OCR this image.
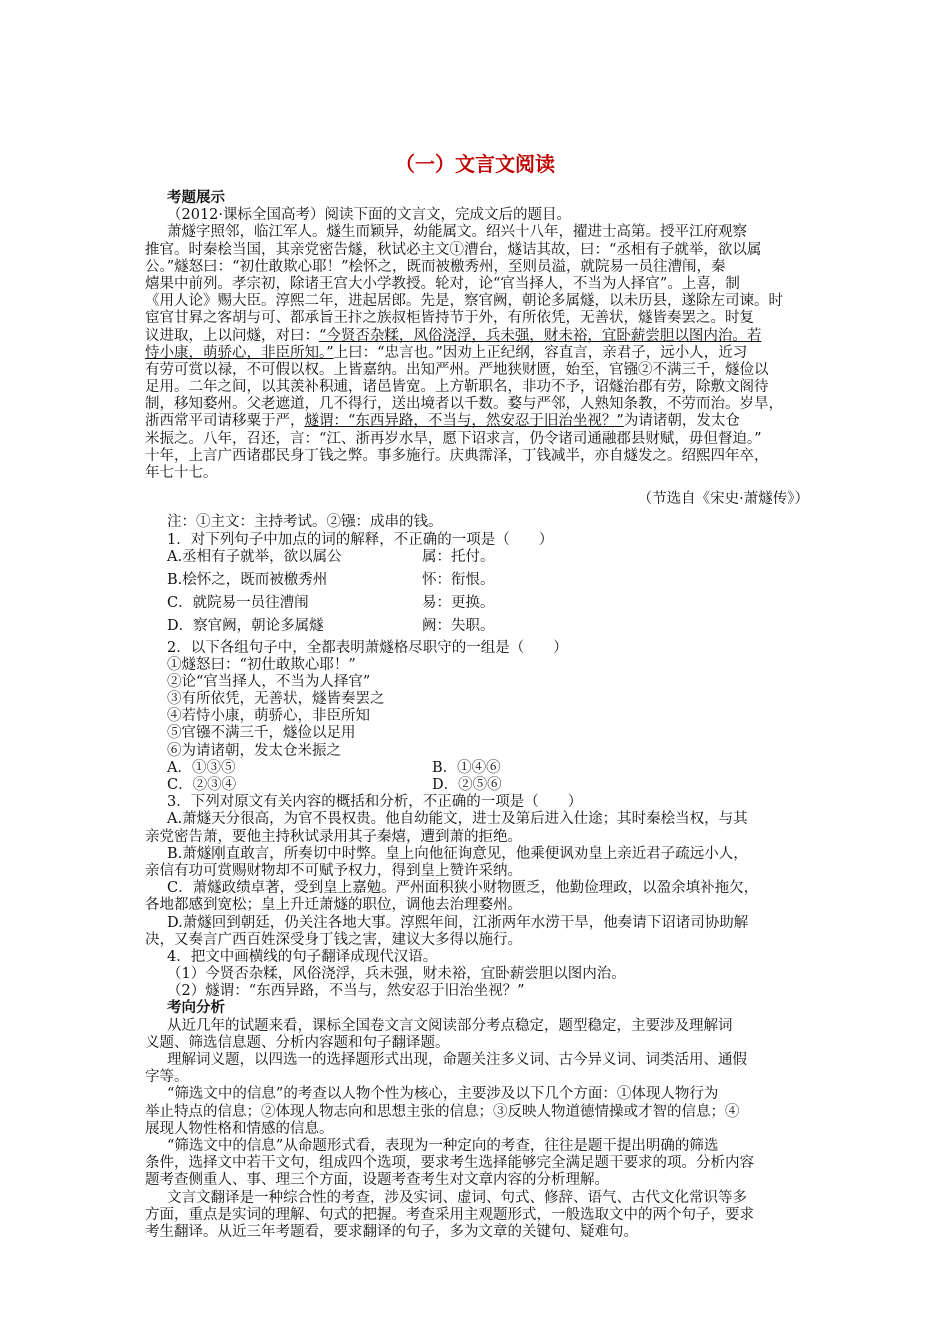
（一）文言文阅读
考题展示
（2012·课标全国高考）阅读下面的文言文，完成文后的题目。
萧燧字照邻，临江军人。燧生而颖异，幼能属文。绍兴十八年，擢进士高第。授平江府观察
推官。时秦桧当国，其亲党密告燧，秋试必主文①漕台，燧诘其故，曰：“丞相有子就举，欲以属
公。”燧怒曰：“初仕敢欺心耶！”桧怀之，既而被檄秀州，至则员溢，就院易一员往漕闱，秦
熺果中前列。孝宗初，除诸王宫大小学教授。轮对，论“官当择人，不当为人择官”。上喜，制
《用人论》赐大臣。淳熙二年，进起居郎。先是，察官阙，朝论多属燧，以未历县，遂除左司谏。时
宦官甘昪之客胡与可、都承旨王抃之族叔柜皆持节于外，有所依凭，无善状，燧皆奏罢之。时复
议进取，上以问燧，对曰：“今贤否杂糅，风俗浇浮，兵未强，财未裕，宜卧薪尝胆以图内治。若
恃小康，萌骄心，非臣所知。”上曰：“忠言也。”因劝上正纪纲，容直言，亲君子，远小人，近习
有劳可赏以禄，不可假以权。上皆嘉纳。出知严州。严地狭财匮，始至，官镪②不满三千，燧俭以
足用。二年之间，以其羡补积逋，诸邑皆宽。上方靳职名，非功不予，诏燧治郡有劳，除敷文阁待
制，移知婺州。父老遮道，几不得行，送出境者以千数。婺与严邻，人熟知条教，不劳而治。岁旱，
浙西常平司请移粟于严，燧谓：“东西异路，不当与，然安忍于旧治坐视？”为请诸朝，发太仓
米振之。八年，召还，言：“江、浙再岁水旱，愿下诏求言，仍令诸司通融郡县财赋，毋但督迫。”
十年，上言广西诸郡民身丁钱之弊。事多施行。庆典霈泽，丁钱减半，亦自燧发之。绍熙四年卒，
年七十七。
（节选自《宋史·萧燧传》）
注：①主文：主持考试。②镪：成串的钱。
1．对下列句子中加点的词的解释，不正确的一项是（　　）
A.丞相有子就举，欲以属公	属：托付。
B.桧怀之，既而被檄秀州	怀：衔恨。
C．就院易一员往漕闱	易：更换。
D．察官阙，朝论多属燧	阙：失职。
2．以下各组句子中，全都表明萧燧格尽职守的一组是（　　）
①燧怒曰：“初仕敢欺心耶！”
②论“官当择人，不当为人择官”
③有所依凭，无善状，燧皆奏罢之
④若恃小康，萌骄心，非臣所知
⑤官镪不满三千，燧俭以足用
⑥为请诸朝，发太仓米振之
A．①③⑤	B．①④⑥
C．②③④	D．②⑤⑥
3．下列对原文有关内容的概括和分析，不正确的一项是（　　）
A.萧燧天分很高，为官不畏权贵。他自幼能文，进士及第后进入仕途；其时秦桧当权，与其
亲党密告萧，要他主持秋试录用其子秦熺，遭到萧的拒绝。
B.萧燧刚直敢言，所奏切中时弊。皇上向他征询意见，他乘便讽劝皇上亲近君子疏远小人，
亲信有功可赏赐财物却不可赋予权力，得到皇上赞许采纳。
C．萧燧政绩卓著，受到皇上嘉勉。严州面积狭小财物匮乏，他勤俭理政，以盈余填补拖欠，
各地都感到宽松；皇上升迁萧燧的职位，调他去治理婺州。
D.萧燧回到朝廷，仍关注各地大事。淳熙年间，江浙两年水涝干旱，他奏请下诏诸司协助解
决，又奏言广西百姓深受身丁钱之害，建议大多得以施行。
4．把文中画横线的句子翻译成现代汉语。
（1）今贤否杂糅，风俗浇浮，兵未强，财未裕，宜卧薪尝胆以图内治。
（2）燧谓：“东西异路，不当与，然安忍于旧治坐视？”
考向分析
从近几年的试题来看，课标全国卷文言文阅读部分考点稳定，题型稳定，主要涉及理解词
义题、筛选信息题、分析内容题和句子翻译题。
理解词义题，以四选一的选择题形式出现，命题关注多义词、古今异义词、词类活用、通假
字等。
“筛选文中的信息”的考查以人物个性为核心，主要涉及以下几个方面：①体现人物行为
举止特点的信息；②体现人物志向和思想主张的信息；③反映人物道德情操或才智的信息；④
展现人物性格和情感的信息。
“筛选文中的信息”从命题形式看，表现为一种定向的考查，往往是题干提出明确的筛选
条件，选择文中若干文句，组成四个选项，要求考生选择能够完全满足题干要求的项。分析内容
题考查侧重人、事、理三个方面，设题考查考生对文章内容的分析理解。
文言文翻译是一种综合性的考查，涉及实词、虚词、句式、修辞、语气、古代文化常识等多
方面，重点是实词的理解、句式的把握。考查采用主观题形式，一般选取文中的两个句子，要求
考生翻译。从近三年考题看，要求翻译的句子，多为文章的关键句、疑难句。
